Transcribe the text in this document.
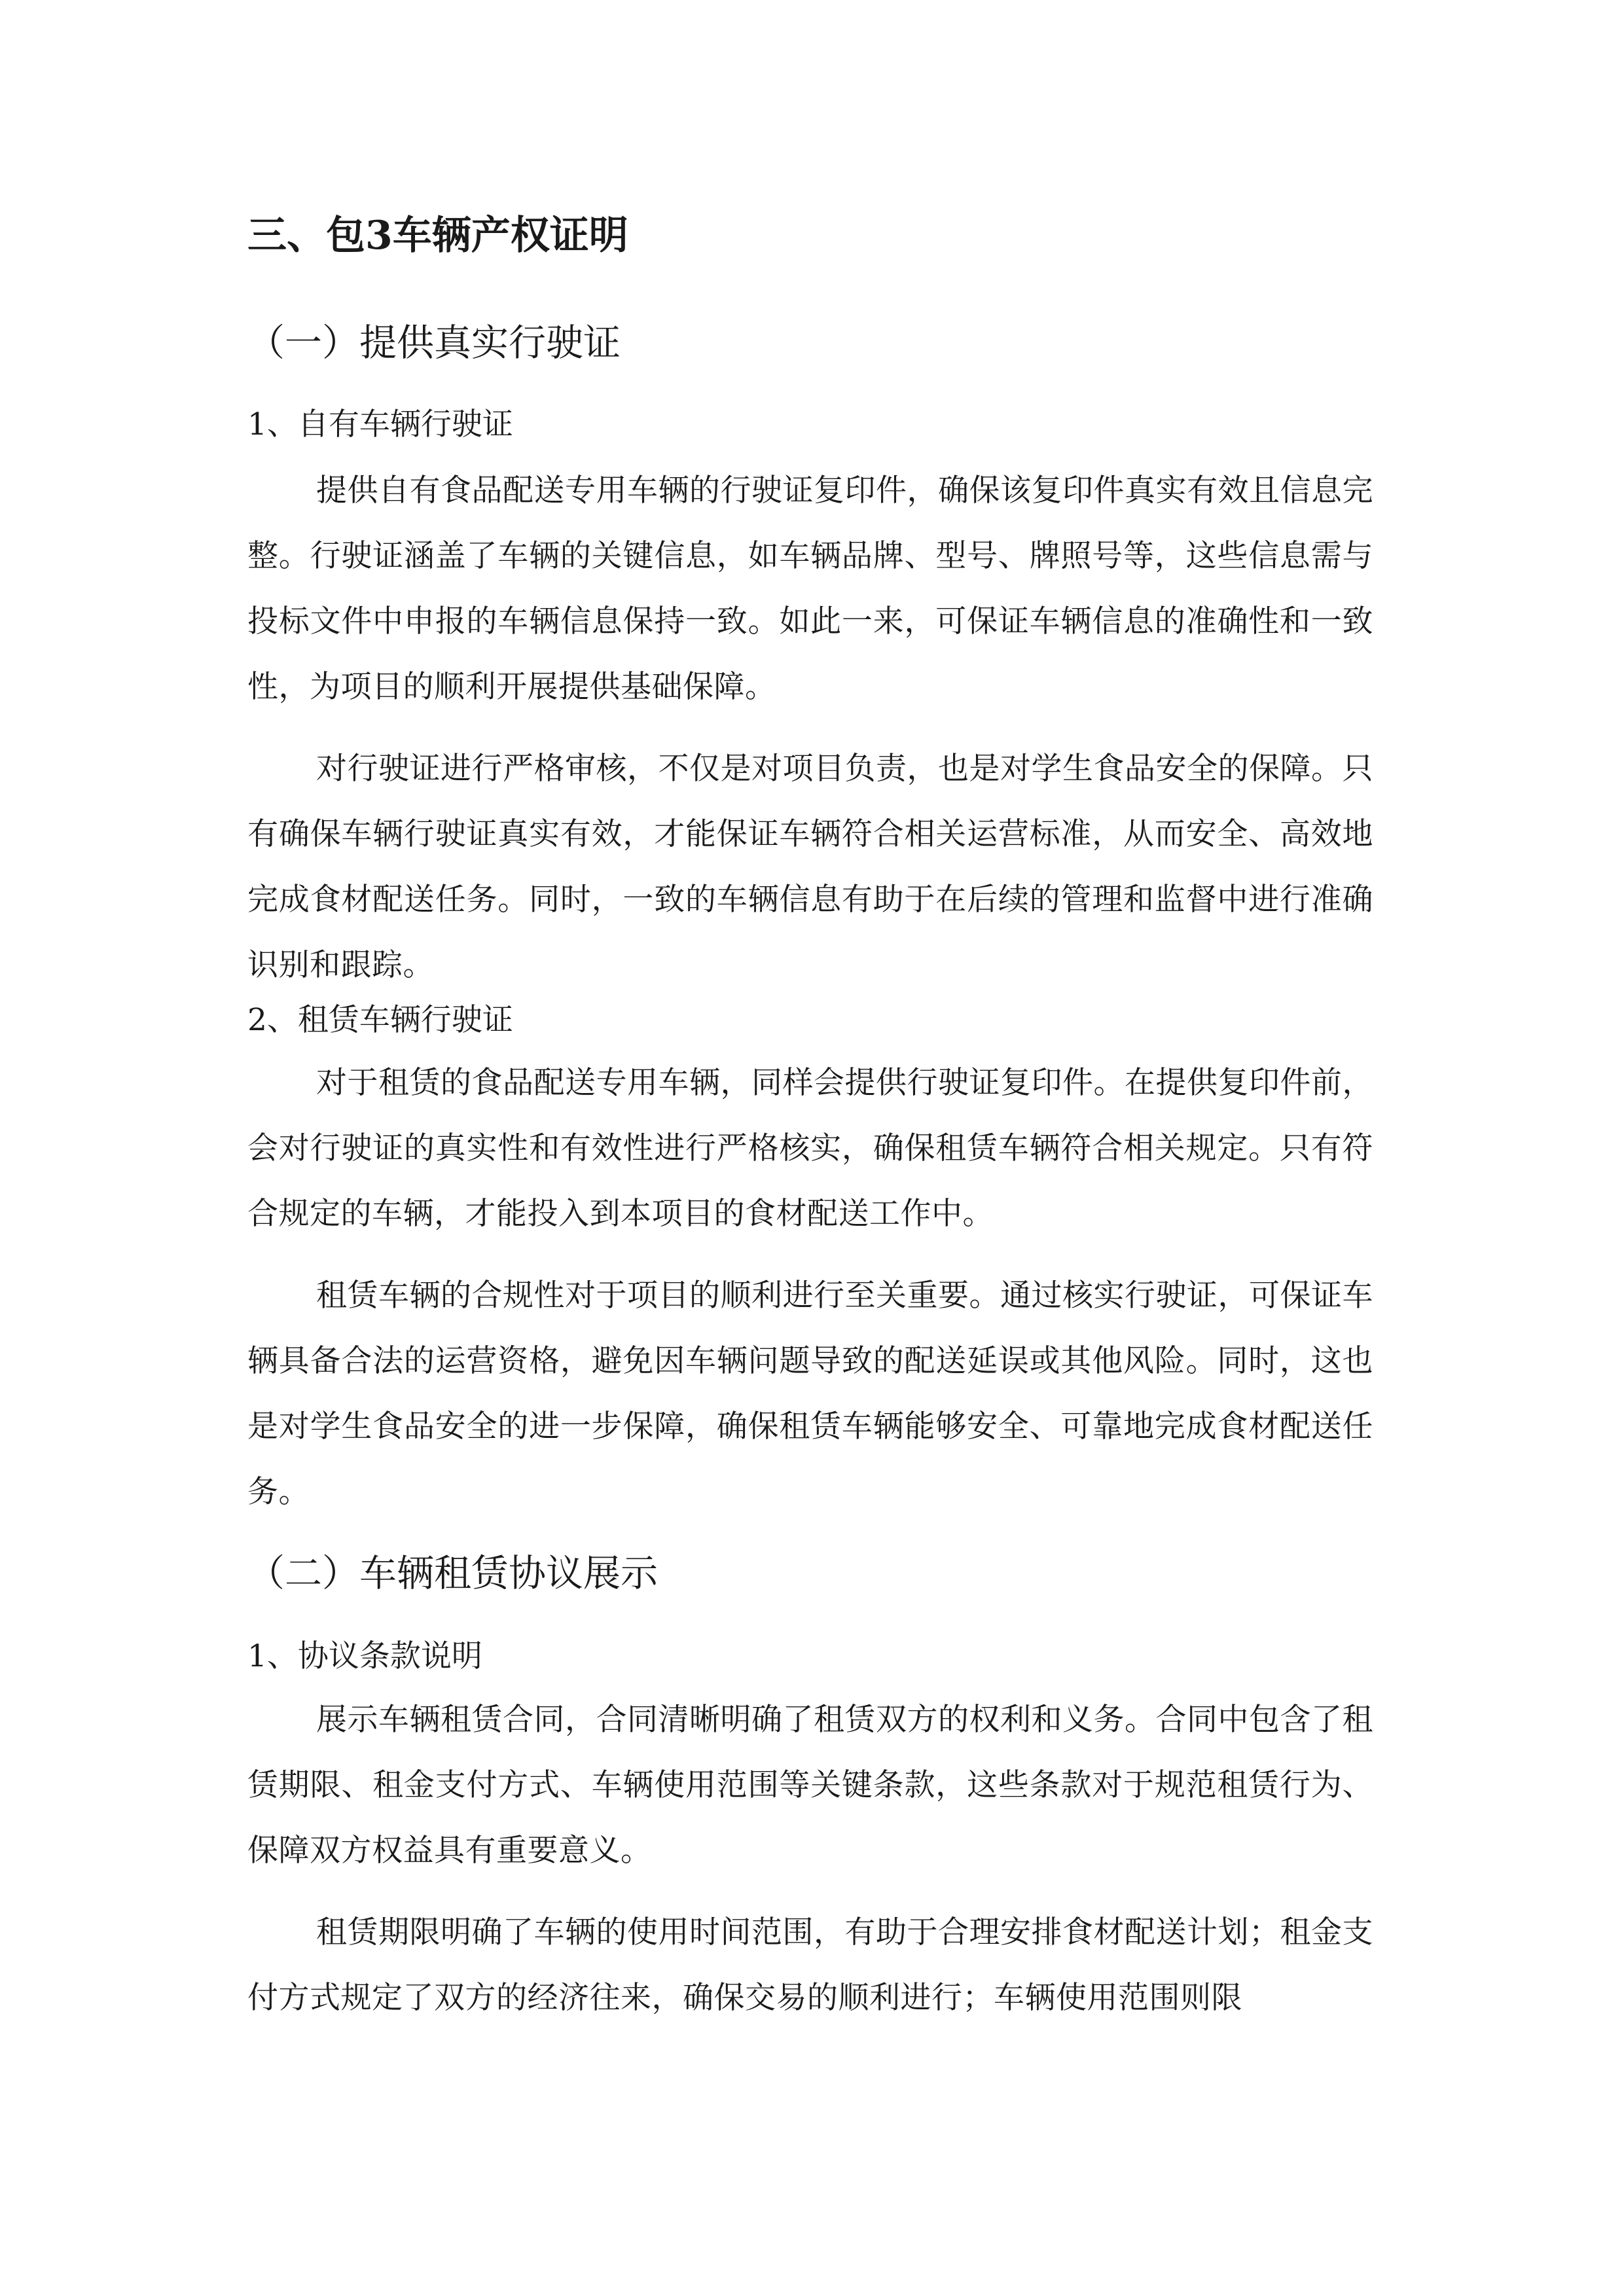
三、包3车辆产权证明
（一）提供真实行驶证
1、自有车辆行驶证

提供自有食品配送专用车辆的行驶证复印件，确保该复印件真实有效且信息完整。行驶证涵盖了车辆的关键信息，如车辆品牌、型号、牌照号等，这些信息需与投标文件中申报的车辆信息保持一致。如此一来，可保证车辆信息的准确性和一致性，为项目的顺利开展提供基础保障。

对行驶证进行严格审核，不仅是对项目负责，也是对学生食品安全的保障。只有确保车辆行驶证真实有效，才能保证车辆符合相关运营标准，从而安全、高效地完成食材配送任务。同时，一致的车辆信息有助于在后续的管理和监督中进行准确识别和跟踪。

2、租赁车辆行驶证

对于租赁的食品配送专用车辆，同样会提供行驶证复印件。在提供复印件前，会对行驶证的真实性和有效性进行严格核实，确保租赁车辆符合相关规定。只有符合规定的车辆，才能投入到本项目的食材配送工作中。

租赁车辆的合规性对于项目的顺利进行至关重要。通过核实行驶证，可保证车辆具备合法的运营资格，避免因车辆问题导致的配送延误或其他风险。同时，这也是对学生食品安全的进一步保障，确保租赁车辆能够安全、可靠地完成食材配送任务。

（二）车辆租赁协议展示
1、协议条款说明

展示车辆租赁合同，合同清晰明确了租赁双方的权利和义务。合同中包含了租赁期限、租金支付方式、车辆使用范围等关键条款，这些条款对于规范租赁行为、保障双方权益具有重要意义。

租赁期限明确了车辆的使用时间范围，有助于合理安排食材配送计划；租金支付方式规定了双方的经济往来，确保交易的顺利进行；车辆使用范围则限
